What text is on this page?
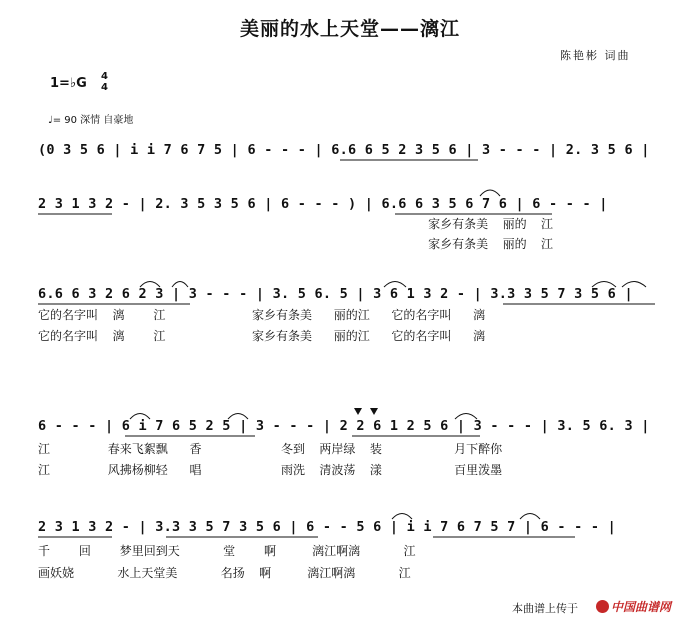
美丽的水上天堂——漓江
陈艳彬 词曲
1=♭G 4
4
♩= 90 深情 自豪地
(0 3 5 6 | i i 7 6 7 5 | 6 - - - | 6.6 6 5 2 3 5 6 | 3 - - - | 2. 3 5 6 |
2 3 1 3 2 - | 2. 3 5 3 5 6 | 6 - - - ) | 6.6 6 3 5 6 7 6 | 6 - - - |
家乡有条美  丽的  江
家乡有条美  丽的  江
6.6 6 3 2 6 2 3 | 3 - - - | 3. 5 6. 5 | 3 6 1 3 2 - | 3.3 3 5 7 3 5 6 |
它的名字叫  漓    江            家乡有条美   丽的江   它的名字叫   漓
它的名字叫  漓    江            家乡有条美   丽的江   它的名字叫   漓
6 - - - | 6 i 7 6 5 2 5 | 3 - - - | 2 2 6 1 2 5 6 | 3 - - - | 3. 5 6. 3 |
江        春来飞絮飘   香           冬到  两岸绿  装          月下醉你
江        风拂杨柳轻   唱           雨洗  清波荡  漾          百里泼墨
2 3 1 3 2 - | 3.3 3 5 7 3 5 6 | 6 - - 5 6 | i i 7 6 7 5 7 | 6 - - - |
千    回    梦里回到天      堂    啊     漓江啊漓      江
画妖娆      水上天堂美      名扬  啊     漓江啊漓      江
本曲谱上传于	中国曲谱网
